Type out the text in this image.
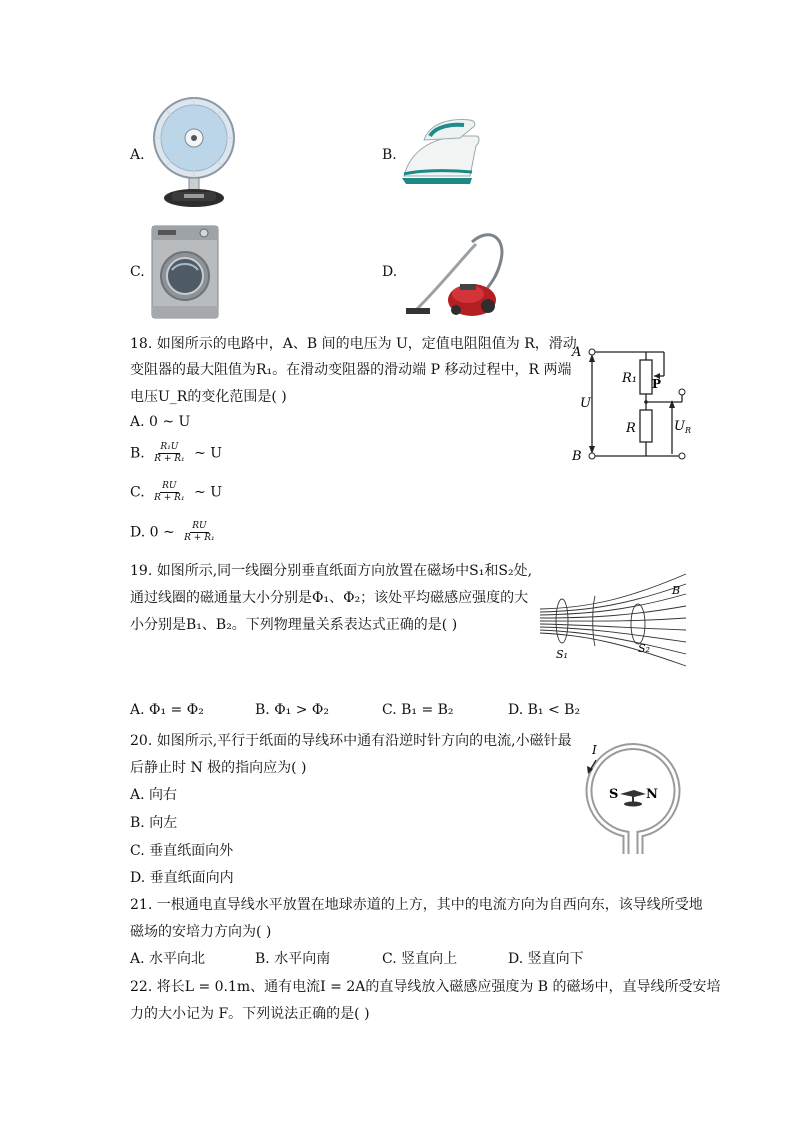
A.	B.
C.	D.
18. 如图所示的电路中，A、B 间的电压为 U，定值电阻阻值为 R，滑动
变阻器的最大阻值为R₁。在滑动变阻器的滑动端 P 移动过程中，R 两端
电压U_R的变化范围是( )
A. 0 ~ U
B. $\frac{\text{R₁U}}{\text{R + R₁}}$ ~ U
C. $\frac{RU}{\text{R + R₁}}$ ~ U
D. 0 ~ $\frac{RU}{\text{R + R₁}}$
A
B
U
R₁ P
R	$U_R$
19. 如图所示,同一线圈分别垂直纸面方向放置在磁场中S₁和S₂处,
通过线圈的磁通量大小分别是Φ₁、Φ₂；该处平均磁感应强度的大
小分别是B₁、B₂。下列物理量关系表达式正确的是( )
B
S₁	S₂
A. Φ₁ = Φ₂	B. Φ₁ > Φ₂	C. B₁ = B₂	D. B₁ < B₂
20. 如图所示,平行于纸面的导线环中通有沿逆时针方向的电流,小磁针最
后静止时 N 极的指向应为( )
A. 向右
B. 向左
C. 垂直纸面向外
D. 垂直纸面向内
I
S N
21. 一根通电直导线水平放置在地球赤道的上方，其中的电流方向为自西向东，该导线所受地
磁场的安培力方向为( )
A. 水平向北	B. 水平向南	C. 竖直向上	D. 竖直向下
22. 将长L = 0.1m、通有电流I = 2A的直导线放入磁感应强度为 B 的磁场中，直导线所受安培
力的大小记为 F。下列说法正确的是( )
